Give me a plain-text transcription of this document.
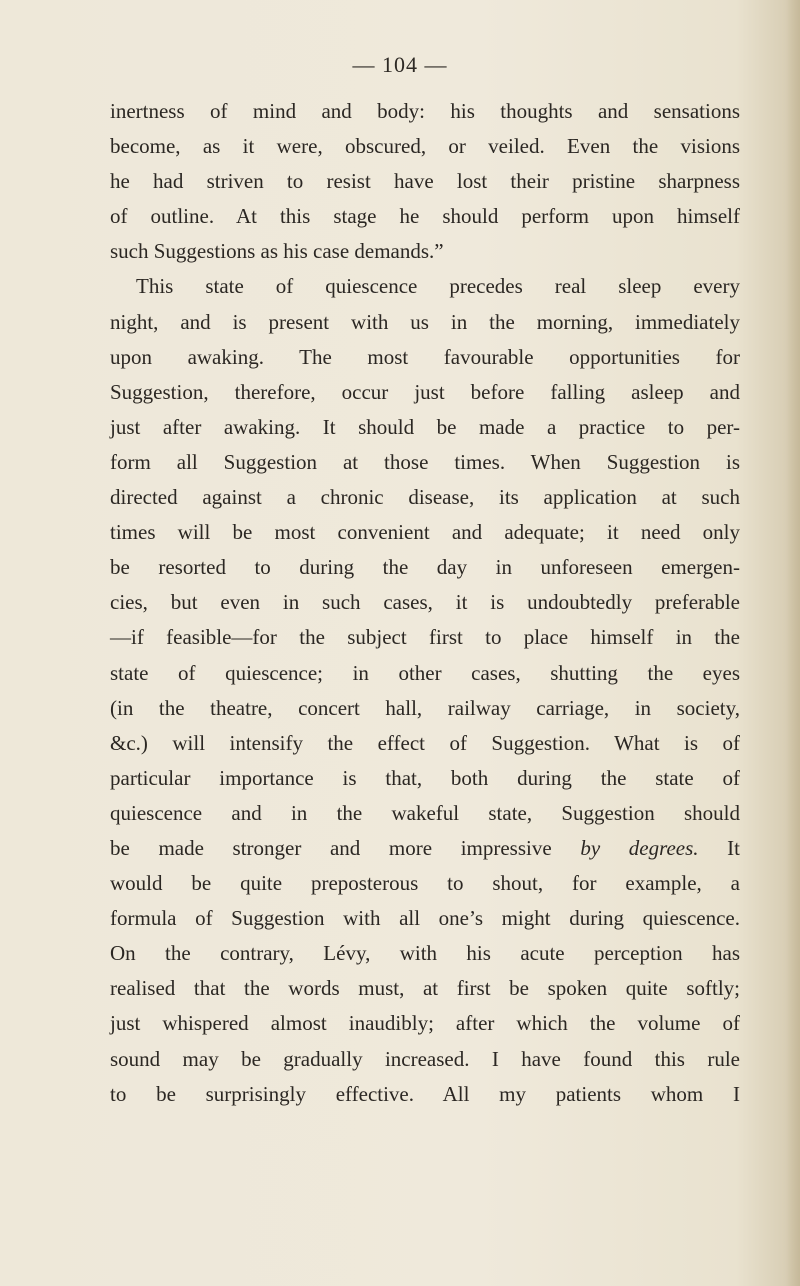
— 104 —
inertness of mind and body: his thoughts and sensations
become, as it were, obscured, or veiled. Even the visions
he had striven to resist have lost their pristine sharpness
of outline. At this stage he should perform upon himself
such Suggestions as his case demands.”
This state of quiescence precedes real sleep every
night, and is present with us in the morning, immediately
upon awaking. The most favourable opportunities for
Suggestion, therefore, occur just before falling asleep and
just after awaking. It should be made a practice to per-
form all Suggestion at those times. When Suggestion is
directed against a chronic disease, its application at such
times will be most convenient and adequate; it need only
be resorted to during the day in unforeseen emergen-
cies, but even in such cases, it is undoubtedly preferable
—if feasible—for the subject first to place himself in the
state of quiescence; in other cases, shutting the eyes
(in the theatre, concert hall, railway carriage, in society,
&c.) will intensify the effect of Suggestion. What is of
particular importance is that, both during the state of
quiescence and in the wakeful state, Suggestion should
be made stronger and more impressive by degrees. It
would be quite preposterous to shout, for example, a
formula of Suggestion with all one’s might during quiescence.
On the contrary, Lévy, with his acute perception has
realised that the words must, at first be spoken quite softly;
just whispered almost inaudibly; after which the volume of
sound may be gradually increased. I have found this rule
to be surprisingly effective. All my patients whom I
